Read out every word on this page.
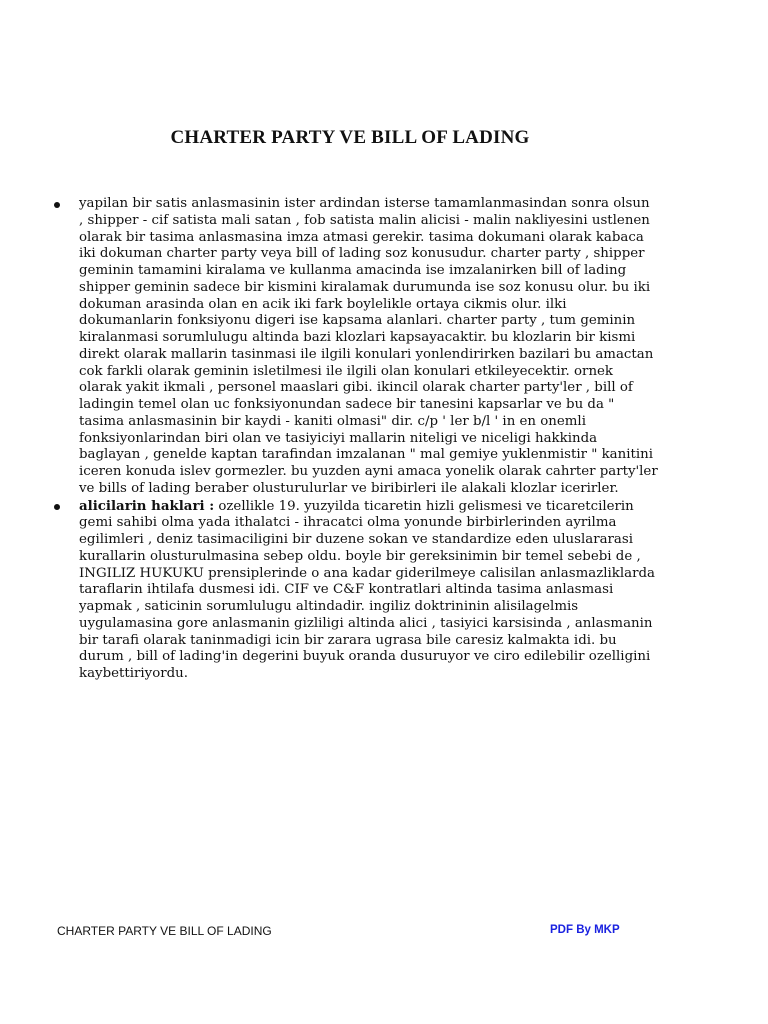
CHARTER PARTY VE BILL OF LADING
yapilan bir satis anlasmasinin ister ardindan isterse tamamlanmasindan sonra olsun , shipper - cif satista mali satan , fob satista malin alicisi - malin nakliyesini ustlenen olarak bir tasima anlasmasina imza atmasi gerekir. tasima dokumani olarak kabaca iki dokuman charter party veya bill of lading soz konusudur. charter party , shipper geminin tamamini kiralama ve kullanma amacinda ise imzalanirken bill of lading shipper geminin sadece bir kismini kiralamak durumunda ise soz konusu olur. bu iki dokuman arasinda olan en acik iki fark boylelikle ortaya cikmis olur. ilki dokumanlarin fonksiyonu digeri ise kapsama alanlari. charter party , tum geminin kiralanmasi sorumlulugu altinda bazi klozlari kapsayacaktir. bu klozlarin bir kismi direkt olarak mallarin tasinmasi ile ilgili konulari yonlendirirken bazilari bu amactan cok farkli olarak geminin isletilmesi ile ilgili olan konulari etkileyecektir. ornek olarak yakit ikmali , personel maaslari gibi. ikincil olarak charter party'ler , bill of ladingin temel olan uc fonksiyonundan sadece bir tanesini kapsarlar ve bu da " tasima anlasmasinin bir kaydi - kaniti olmasi" dir. c/p ' ler b/l ' in en onemli fonksiyonlarindan biri olan ve tasiyiciyi mallarin niteligi ve niceligi hakkinda baglayan , genelde kaptan tarafindan imzalanan " mal gemiye yuklenmistir " kanitini iceren konuda islev gormezler. bu yuzden ayni amaca yonelik olarak cahrter party'ler ve bills of lading beraber olusturulurlar ve biribirleri ile alakali klozlar icerirler.
alicilarin haklari : ozellikle 19. yuzyilda ticaretin hizli gelismesi ve ticaretcilerin gemi sahibi olma yada ithalatci - ihracatci olma yonunde birbirlerinden ayrilma egilimleri , deniz tasimaciligini bir duzene sokan ve standardize eden uluslararasi kurallarin olusturulmasina sebep oldu. boyle bir gereksinimin bir temel sebebi de , INGILIZ HUKUKU prensiplerinde o ana kadar giderilmeye calisilan anlasmazliklarda taraflarin ihtilafa dusmesi idi. CIF ve C&F kontratlari altinda tasima anlasmasi yapmak , saticinin sorumlulugu altindadir. ingiliz doktrininin alisilagelmis uygulamasina gore anlasmanin gizliligi altinda alici , tasiyici karsisinda , anlasmanin bir tarafi olarak taninmadigi icin bir zarara ugrasa bile caresiz kalmakta idi. bu durum , bill of lading'in degerini buyuk oranda dusuruyor ve ciro edilebilir ozelligini kaybettiriyordu.
CHARTER PARTY VE BILL OF LADING	PDF By MKP
